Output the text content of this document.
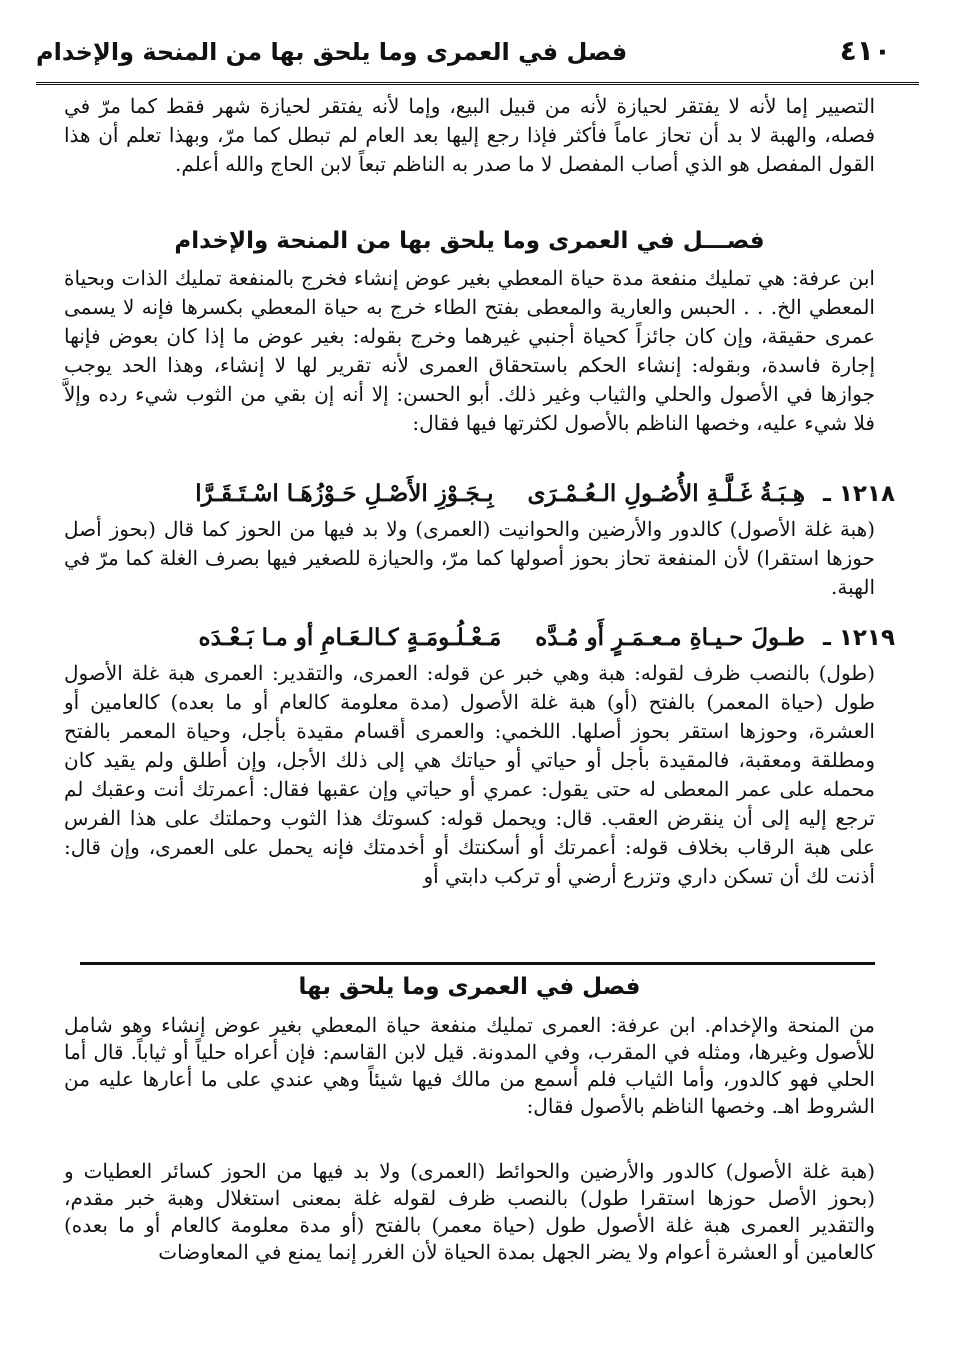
٤١٠
فصل في العمرى وما يلحق بها من المنحة والإخدام

التصيير إما لأنه لا يفتقر لحيازة لأنه من قبيل البيع، وإما لأنه يفتقر لحيازة شهر فقط كما مرّ في فصله، والهبة لا بد أن تحاز عاماً فأكثر فإذا رجع إليها بعد العام لم تبطل كما مرّ، وبهذا تعلم أن هذا القول المفصل هو الذي أصاب المفصل لا ما صدر به الناظم تبعاً لابن الحاج والله أعلم.

فصـــل في العمرى وما يلحق بها من المنحة والإخدام

ابن عرفة: هي تمليك منفعة مدة حياة المعطي بغير عوض إنشاء فخرج بالمنفعة تمليك الذات وبحياة المعطي الخ. . . الحبس والعارية والمعطى بفتح الطاء خرج به حياة المعطي بكسرها فإنه لا يسمى عمرى حقيقة، وإن كان جائزاً كحياة أجنبي غيرهما وخرج بقوله: بغير عوض ما إذا كان بعوض فإنها إجارة فاسدة، وبقوله: إنشاء الحكم باستحقاق العمرى لأنه تقرير لها لا إنشاء، وهذا الحد يوجب جوازها في الأصول والحلي والثياب وغير ذلك. أبو الحسن: إلا أنه إن بقي من الثوب شيء رده وإلاَّ فلا شيء عليه، وخصها الناظم بالأصول لكثرتها فيها فقال:

١٢١٨ ـ هِـبَـةُ غَـلَّـةِ الأُصُـولِ الـعُـمْـرَى بِـجَـوْزِ الأَصْـلِ حَـوْزُهَـا اسْـتَـقَـرَّا

(هبة غلة الأصول) كالدور والأرضين والحوانيت (العمرى) ولا بد فيها من الحوز كما قال (بحوز أصل حوزها استقرا) لأن المنفعة تحاز بحوز أصولها كما مرّ، والحيازة للصغير فيها بصرف الغلة كما مرّ في الهبة.

١٢١٩ ـ طـولَ حـيـاةِ مـعـمَـرٍ أَو مُـدَّه مَـعْـلُـومَـةٍ كـالـعَـامِ أو مـا بَـعْـدَه

(طول) بالنصب ظرف لقوله: هبة وهي خبر عن قوله: العمرى، والتقدير: العمرى هبة غلة الأصول طول (حياة المعمر) بالفتح (أو) هبة غلة الأصول (مدة معلومة كالعام أو ما بعده) كالعامين أو العشرة، وحوزها استقر بحوز أصلها. اللخمي: والعمرى أقسام مقيدة بأجل، وحياة المعمر بالفتح ومطلقة ومعقبة، فالمقيدة بأجل أو حياتي أو حياتك هي إلى ذلك الأجل، وإن أطلق ولم يقيد كان محمله على عمر المعطى له حتى يقول: عمري أو حياتي وإن عقبها فقال: أعمرتك أنت وعقبك لم ترجع إليه إلى أن ينقرض العقب. قال: ويحمل قوله: كسوتك هذا الثوب وحملتك على هذا الفرس على هبة الرقاب بخلاف قوله: أعمرتك أو أسكنتك أو أخدمتك فإنه يحمل على العمرى، وإن قال: أذنت لك أن تسكن داري وتزرع أرضي أو تركب دابتي أو

فصل في العمرى وما يلحق بها

من المنحة والإخدام. ابن عرفة: العمرى تمليك منفعة حياة المعطي بغير عوض إنشاء وهو شامل للأصول وغيرها، ومثله في المقرب، وفي المدونة. قيل لابن القاسم: فإن أعراه حلياً أو ثياباً. قال أما الحلي فهو كالدور، وأما الثياب فلم أسمع من مالك فيها شيئاً وهي عندي على ما أعارها عليه من الشروط اهـ. وخصها الناظم بالأصول فقال:

(هبة غلة الأصول) كالدور والأرضين والحوائط (العمرى) ولا بد فيها من الحوز كسائر العطيات و (بحوز الأصل حوزها استقرا طول) بالنصب ظرف لقوله غلة بمعنى استغلال وهبة خبر مقدم، والتقدير العمرى هبة غلة الأصول طول (حياة معمر) بالفتح (أو مدة معلومة كالعام أو ما بعده) كالعامين أو العشرة أعوام ولا يضر الجهل بمدة الحياة لأن الغرر إنما يمنع في المعاوضات
